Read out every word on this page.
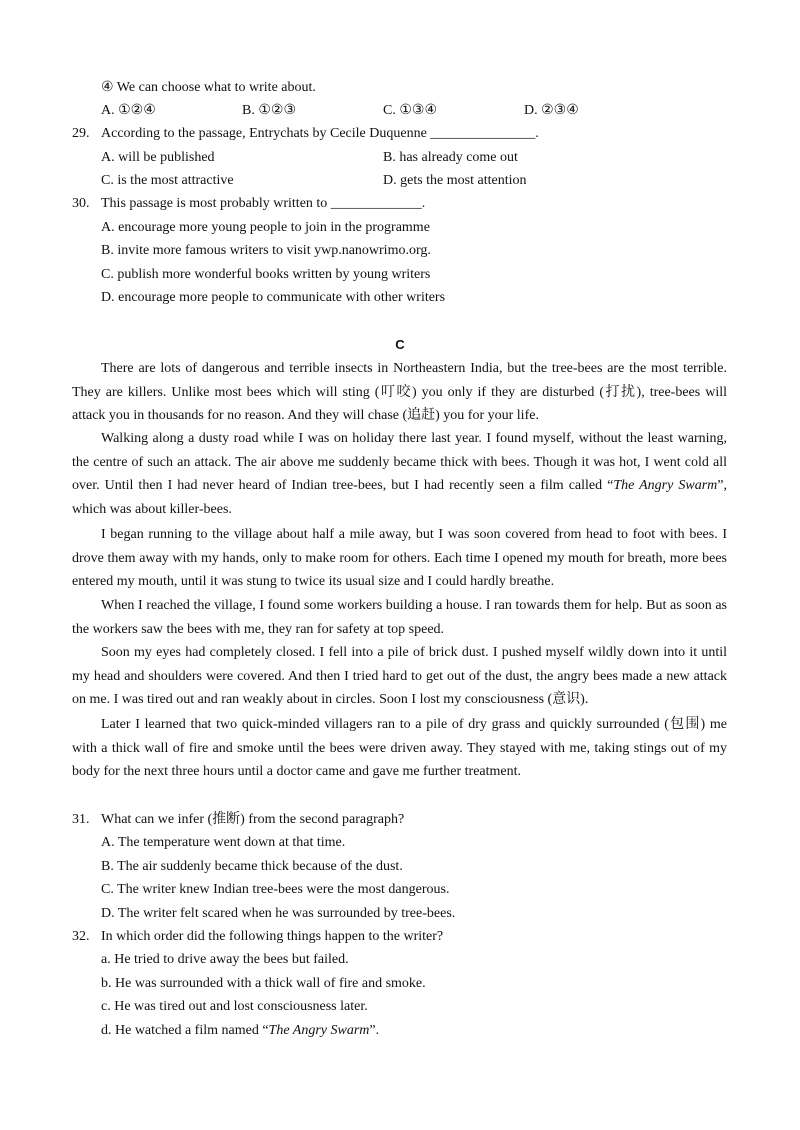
④ We can choose what to write about.
A. ①②④	B. ①②③	C. ①③④	D. ②③④
29. According to the passage, Entrychats by Cecile Duquenne _______________.
A. will be published	B. has already come out
C. is the most attractive	D. gets the most attention
30. This passage is most probably written to _____________.
A. encourage more young people to join in the programme
B. invite more famous writers to visit ywp.nanowrimo.org.
C. publish more wonderful books written by young writers
D. encourage more people to communicate with other writers
C

There are lots of dangerous and terrible insects in Northeastern India, but the tree-bees are the most terrible. They are killers. Unlike most bees which will sting (叮咬) you only if they are disturbed (打扰), tree-bees will attack you in thousands for no reason. And they will chase (追赶) you for your life.

Walking along a dusty road while I was on holiday there last year. I found myself, without the least warning, the centre of such an attack. The air above me suddenly became thick with bees. Though it was hot, I went cold all over. Until then I had never heard of Indian tree-bees, but I had recently seen a film called “The Angry Swarm”, which was about killer-bees.

I began running to the village about half a mile away, but I was soon covered from head to foot with bees. I drove them away with my hands, only to make room for others. Each time I opened my mouth for breath, more bees entered my mouth, until it was stung to twice its usual size and I could hardly breathe.

When I reached the village, I found some workers building a house. I ran towards them for help. But as soon as the workers saw the bees with me, they ran for safety at top speed.

Soon my eyes had completely closed. I fell into a pile of brick dust. I pushed myself wildly down into it until my head and shoulders were covered. And then I tried hard to get out of the dust, the angry bees made a new attack on me. I was tired out and ran weakly about in circles. Soon I lost my consciousness (意识).

Later I learned that two quick-minded villagers ran to a pile of dry grass and quickly surrounded (包围) me with a thick wall of fire and smoke until the bees were driven away. They stayed with me, taking stings out of my body for the next three hours until a doctor came and gave me further treatment.

31. What can we infer (推断) from the second paragraph?
A. The temperature went down at that time.
B. The air suddenly became thick because of the dust.
C. The writer knew Indian tree-bees were the most dangerous.
D. The writer felt scared when he was surrounded by tree-bees.
32. In which order did the following things happen to the writer?
a. He tried to drive away the bees but failed.
b. He was surrounded with a thick wall of fire and smoke.
c. He was tired out and lost consciousness later.
d. He watched a film named “The Angry Swarm”.
